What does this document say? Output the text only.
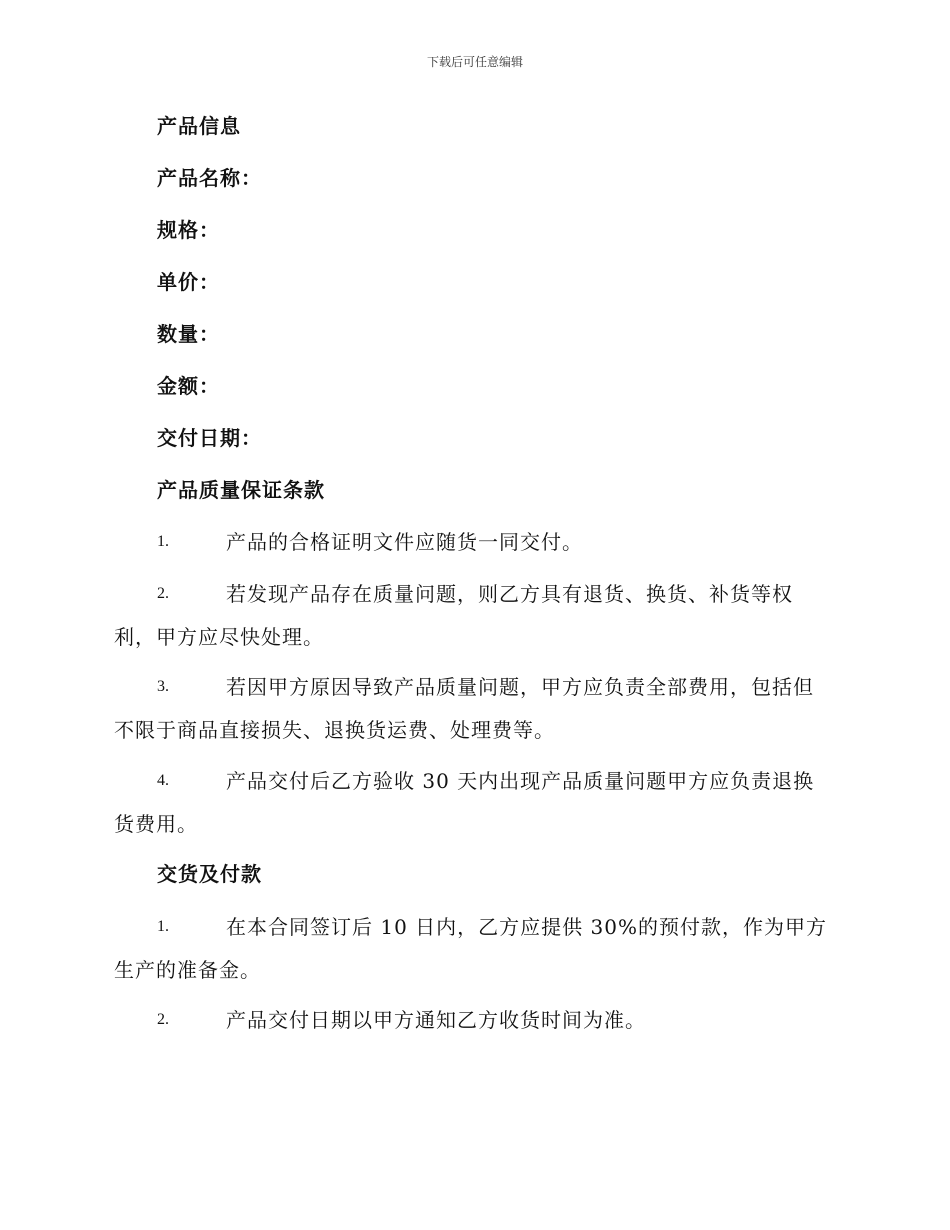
下载后可任意编辑
产品信息
产品名称：
规格：
单价：
数量：
金额：
交付日期：
产品质量保证条款
1.	产品的合格证明文件应随货一同交付。
2.	若发现产品存在质量问题，则乙方具有退货、换货、补货等权
利，甲方应尽快处理。
3.	若因甲方原因导致产品质量问题，甲方应负责全部费用，包括但
不限于商品直接损失、退换货运费、处理费等。
4.	产品交付后乙方验收 30 天内出现产品质量问题甲方应负责退换
货费用。
交货及付款
1.	在本合同签订后 10 日内，乙方应提供 30%的预付款，作为甲方
生产的准备金。
2.	产品交付日期以甲方通知乙方收货时间为准。
